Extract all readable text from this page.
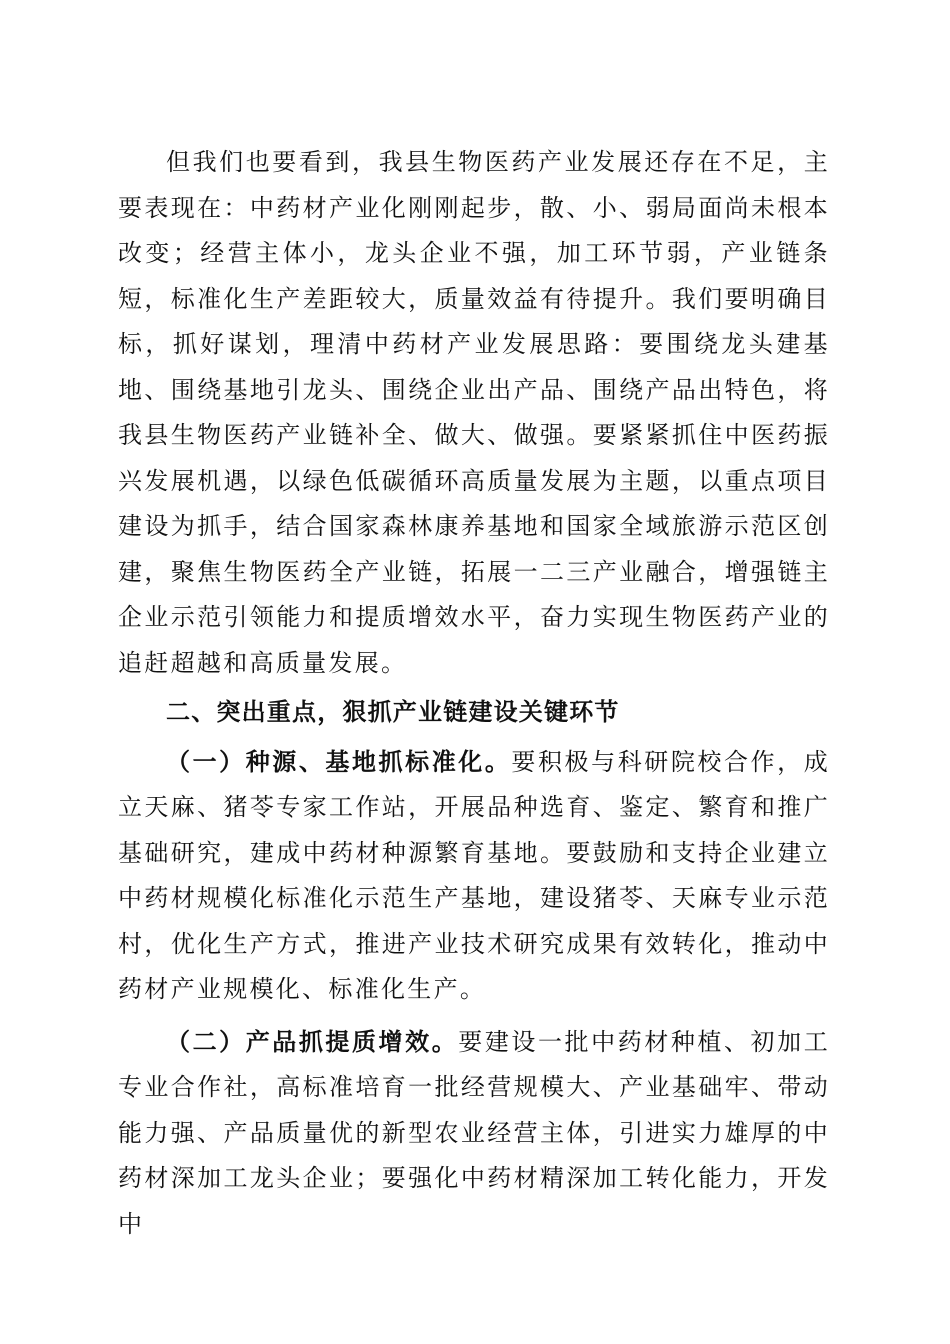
但我们也要看到，我县生物医药产业发展还存在不足，主要表现在：中药材产业化刚刚起步，散、小、弱局面尚未根本改变；经营主体小，龙头企业不强，加工环节弱，产业链条短，标准化生产差距较大，质量效益有待提升。我们要明确目标，抓好谋划，理清中药材产业发展思路：要围绕龙头建基地、围绕基地引龙头、围绕企业出产品、围绕产品出特色，将我县生物医药产业链补全、做大、做强。要紧紧抓住中医药振兴发展机遇，以绿色低碳循环高质量发展为主题，以重点项目建设为抓手，结合国家森林康养基地和国家全域旅游示范区创建，聚焦生物医药全产业链，拓展一二三产业融合，增强链主企业示范引领能力和提质增效水平，奋力实现生物医药产业的追赶超越和高质量发展。

二、突出重点，狠抓产业链建设关键环节

（一）种源、基地抓标准化。要积极与科研院校合作，成立天麻、猪苓专家工作站，开展品种选育、鉴定、繁育和推广基础研究，建成中药材种源繁育基地。要鼓励和支持企业建立中药材规模化标准化示范生产基地，建设猪苓、天麻专业示范村，优化生产方式，推进产业技术研究成果有效转化，推动中药材产业规模化、标准化生产。

（二）产品抓提质增效。要建设一批中药材种植、初加工专业合作社，高标准培育一批经营规模大、产业基础牢、带动能力强、产品质量优的新型农业经营主体，引进实力雄厚的中药材深加工龙头企业；要强化中药材精深加工转化能力，开发中
